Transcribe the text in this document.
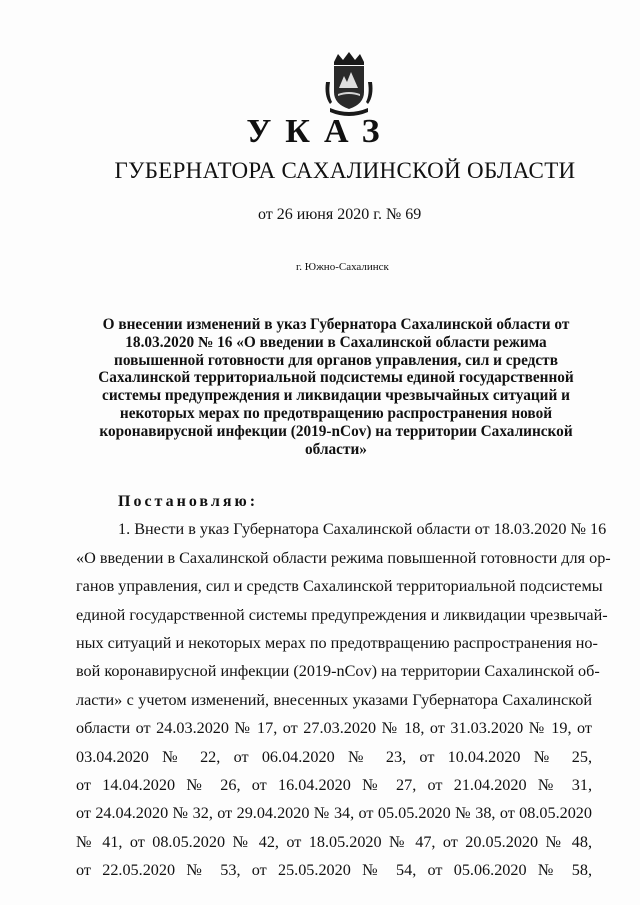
УКАЗ
ГУБЕРНАТОРА САХАЛИНСКОЙ ОБЛАСТИ
от 26 июня 2020 г. № 69
г. Южно-Сахалинск
О внесении изменений в указ Губернатора Сахалинской области от 18.03.2020 № 16 «О введении в Сахалинской области режима повышенной готовности для органов управления, сил и средств Сахалинской территориальной подсистемы единой государственной системы предупреждения и ликвидации чрезвычайных ситуаций и некоторых мерах по предотвращению распространения новой коронавирусной инфекции (2019-nCov) на территории Сахалинской области»
Постановляю:
1. Внести в указ Губернатора Сахалинской области от 18.03.2020 № 16
«О введении в Сахалинской области режима повышенной готовности для ор-
ганов управления, сил и средств Сахалинской территориальной подсистемы
единой государственной системы предупреждения и ликвидации чрезвычай-
ных ситуаций и некоторых мерах по предотвращению распространения но-
вой коронавирусной инфекции (2019-nCov) на территории Сахалинской об-
ласти» с учетом изменений, внесенных указами Губернатора Сахалинской
области от 24.03.2020 № 17, от 27.03.2020 № 18, от 31.03.2020 № 19, от
03.04.2020 № 22, от 06.04.2020 № 23, от 10.04.2020 № 25,
от 14.04.2020 № 26, от 16.04.2020 № 27, от 21.04.2020 № 31,
от 24.04.2020 № 32, от 29.04.2020 № 34, от 05.05.2020 № 38, от 08.05.2020
№ 41, от 08.05.2020 № 42, от 18.05.2020 № 47, от 20.05.2020 № 48,
от 22.05.2020 № 53, от 25.05.2020 № 54, от 05.06.2020 № 58,
